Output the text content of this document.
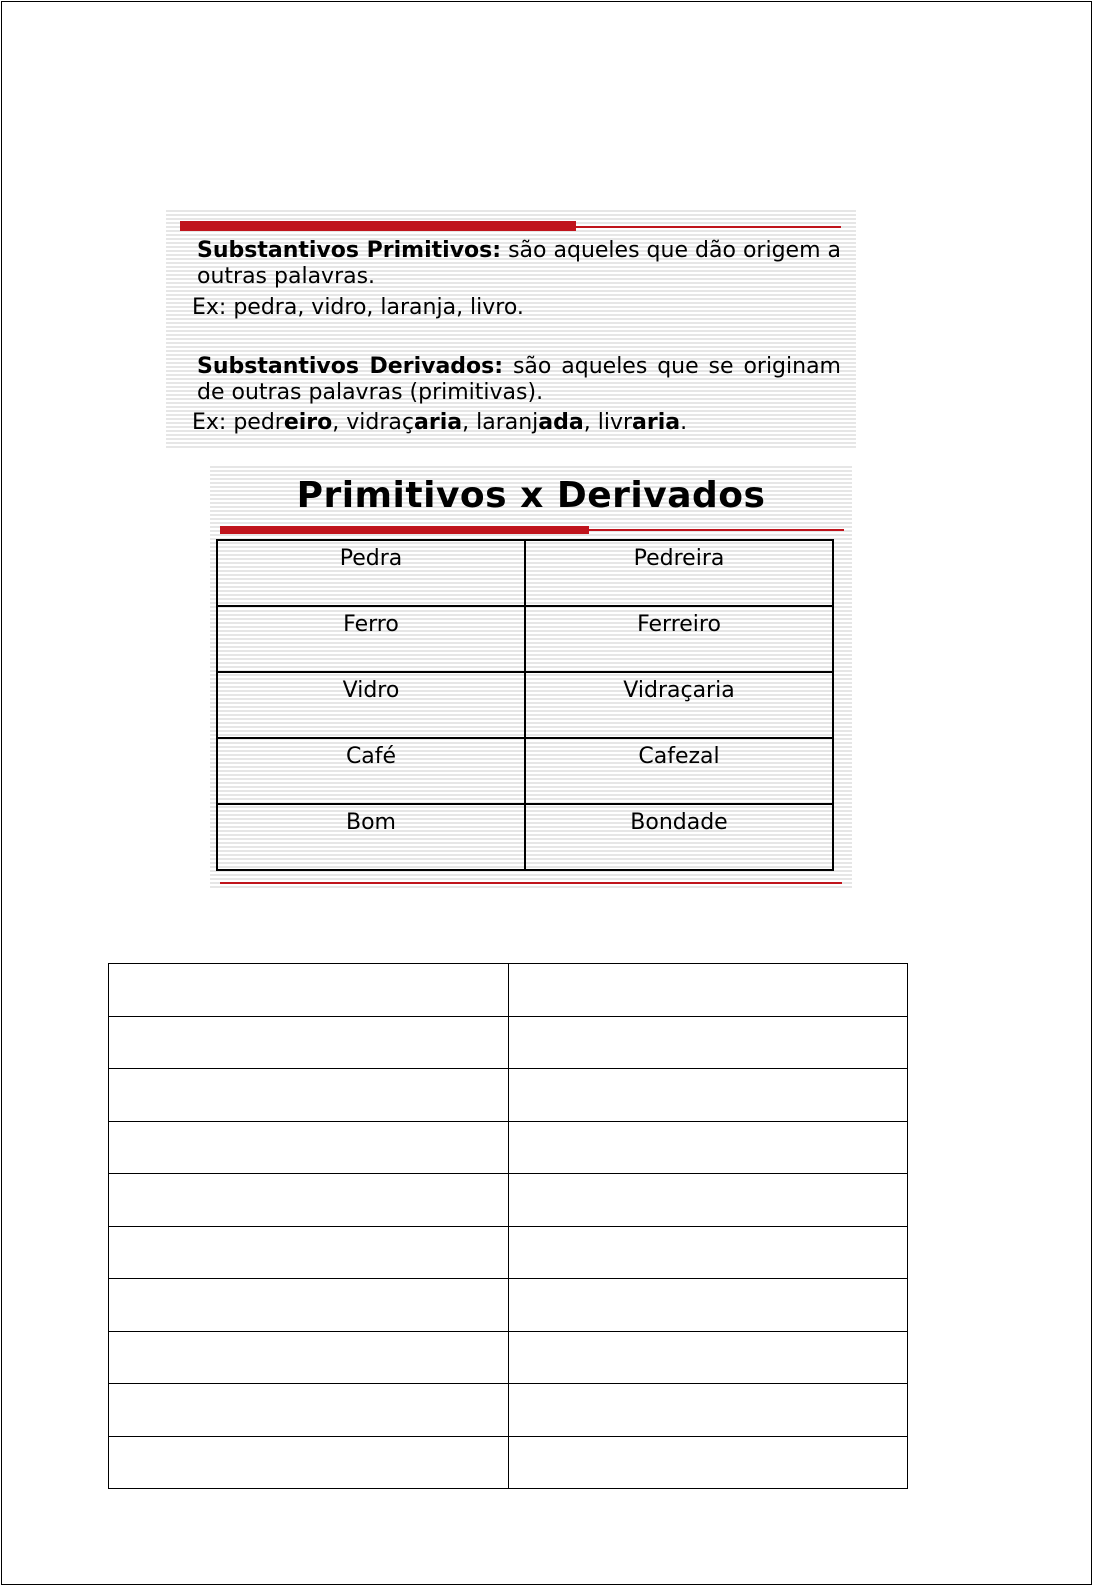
Substantivos Primitivos: são aqueles que dão origem a outras palavras.
Ex: pedra, vidro, laranja, livro.
Substantivos Derivados: são aqueles que se originam de outras palavras (primitivas).
Ex: pedreiro, vidraçaria, laranjada, livraria.
Primitivos x Derivados
Pedra	Pedreira
Ferro	Ferreiro
Vidro	Vidraçaria
Café	Cafezal
Bom	Bondade
